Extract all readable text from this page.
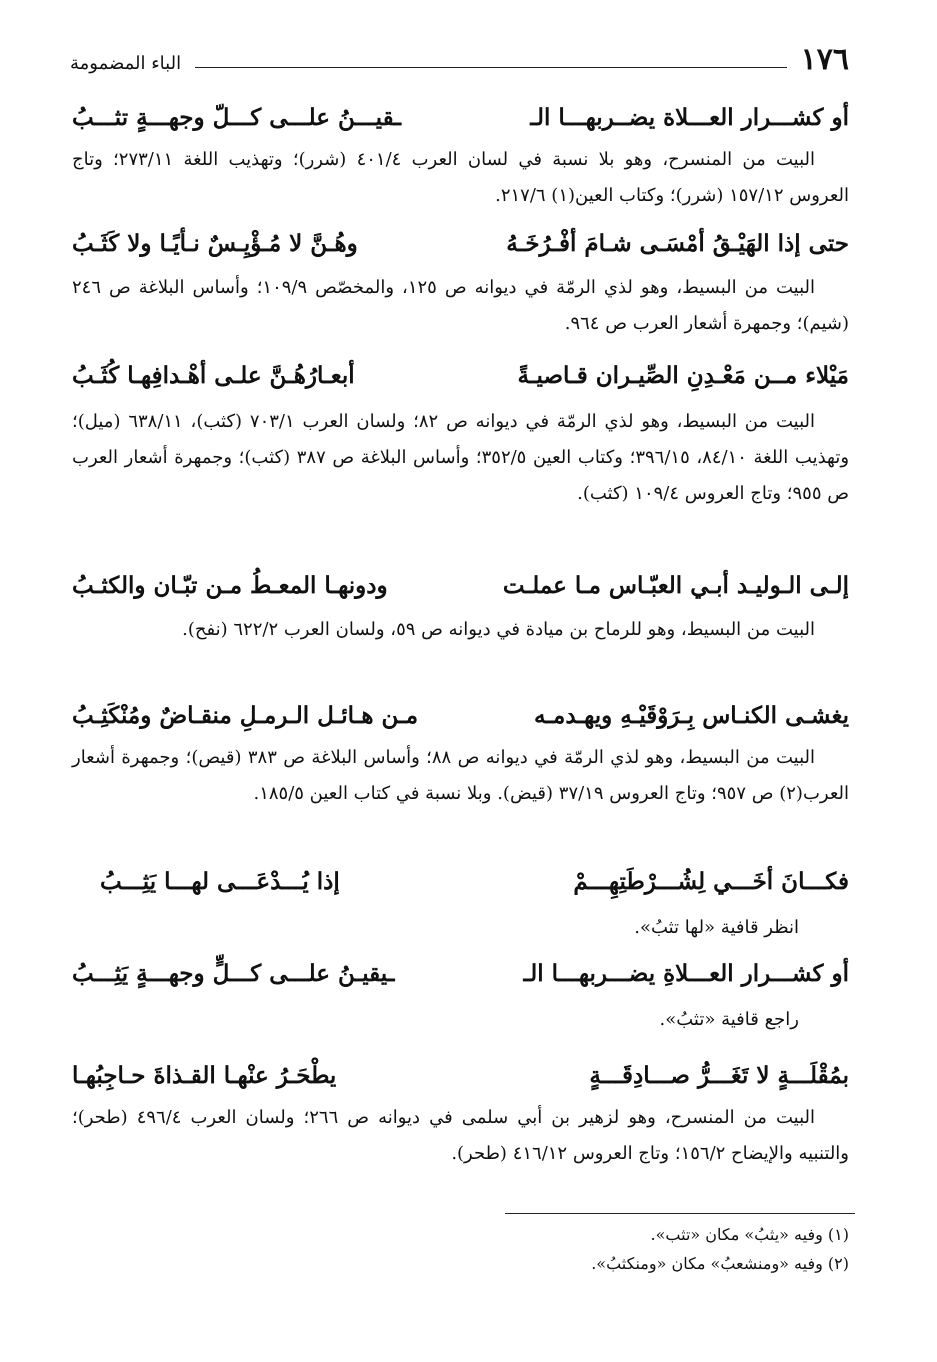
١٧٦
الباء المضمومة
أو كشـــرار العـــلاة يضــربهـــا الـ
ـقيـــنُ علـــى كـــلّ وجهـــةٍ تثـــبُ

البيت من المنسرح، وهو بلا نسبة في لسان العرب ٤٠١/٤ (شرر)؛ وتهذيب اللغة ٢٧٣/١١؛ وتاج العروس ١٥٧/١٢ (شرر)؛ وكتاب العين(١) ٢١٧/٦.

حتى إذا الهَيْـقُ أمْسَـى شـامَ أفْـرُخَـهُ
وهُـنَّ لا مُـؤْيِـسٌ نـأيًـا ولا كَثَـبُ

البيت من البسيط، وهو لذي الرمّة في ديوانه ص ١٢٥، والمخصّص ١٠٩/٩؛ وأساس البلاغة ص ٢٤٦ (شيم)؛ وجمهرة أشعار العرب ص ٩٦٤.

مَيْلاء مــن مَعْـدِنِ الصِّيـران قـاصيـةً
أبعـارُهُـنَّ علـى أهْـدافِهـا كُثَـبُ

البيت من البسيط، وهو لذي الرمّة في ديوانه ص ٨٢؛ ولسان العرب ٧٠٣/١ (كثب)، ٦٣٨/١١ (ميل)؛ وتهذيب اللغة ٨٤/١٠، ٣٩٦/١٥؛ وكتاب العين ٣٥٢/٥؛ وأساس البلاغة ص ٣٨٧ (كثب)؛ وجمهرة أشعار العرب ص ٩٥٥؛ وتاج العروس ١٠٩/٤ (كثب).

إلـى الـوليـد أبـي العبّـاس مـا عملـت
ودونهـا المعـطُ مـن تبّـان والكثـبُ

البيت من البسيط، وهو للرماح بن ميادة في ديوانه ص ٥٩، ولسان العرب ٦٢٢/٢ (نفح).

يغشـى الكنـاس بِـرَوْقَيْـهِ ويهـدمـه
مـن هـائـل الـرمـلِ منقـاضٌ ومُنْكَثِـبُ

البيت من البسيط، وهو لذي الرمّة في ديوانه ص ٨٨؛ وأساس البلاغة ص ٣٨٣ (قيص)؛ وجمهرة أشعار العرب(٢) ص ٩٥٧؛ وتاج العروس ٣٧/١٩ (قيض). وبلا نسبة في كتاب العين ١٨٥/٥.

فكـــانَ أخَـــي لِشُـــرْطَتِهِـــمْ
إذا يُـــدْعَـــى لهـــا يَثِـــبُ

انظر قافية «لها تثبُ».

أو كشـــرار العـــلاةِ يضـــربهـــا الـ
ـيقيـنُ علـــى كـــلٍّ وجهـــةٍ يَثِـــبُ

راجع قافية «تثبُ».

بمُقْلَـــةٍ لا تَغَـــرُّ صـــادِقَـــةٍ
يطْحَـرُ عنْهـا القـذاةَ حـاجِبُهـا

البيت من المنسرح، وهو لزهير بن أبي سلمى في ديوانه ص ٢٦٦؛ ولسان العرب ٤٩٦/٤ (طحر)؛ والتنبيه والإيضاح ١٥٦/٢؛ وتاج العروس ٤١٦/١٢ (طحر).

(١) وفيه «يثبُ» مكان «تثب».
(٢) وفيه «ومنشعبُ» مكان «ومنكثبُ».
